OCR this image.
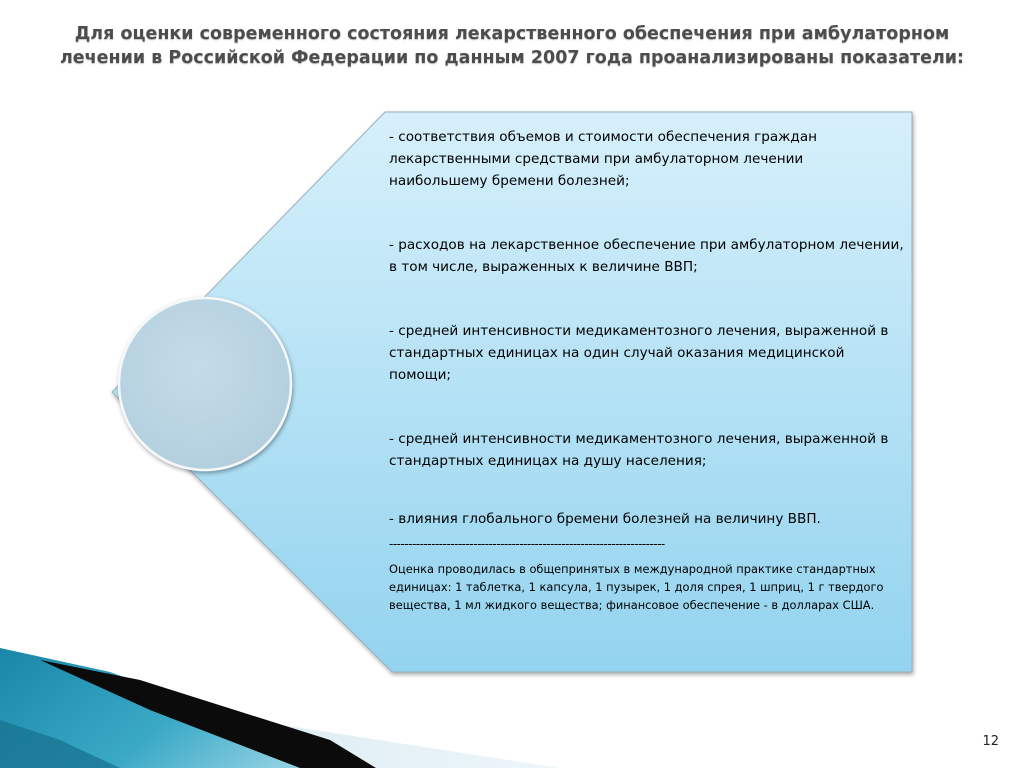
Для оценки современного состояния лекарственного обеспечения при амбулаторном лечении в Российской Федерации по данным 2007 года проанализированы показатели:

- соответствия объемов и стоимости обеспечения граждан лекарственными средствами при амбулаторном лечении наибольшему бремени болезней;

- расходов на лекарственное обеспечение при амбулаторном лечении, в том числе, выраженных к величине ВВП;

- средней интенсивности медикаментозного лечения, выраженной в стандартных единицах на один случай оказания медицинской помощи;

- средней интенсивности медикаментозного лечения, выраженной в стандартных единицах на душу населения;

- влияния глобального бремени болезней на величину ВВП.

------------------------------------------------------------------------

Оценка проводилась в общепринятых в международной практике стандартных единицах: 1 таблетка, 1 капсула, 1 пузырек, 1 доля спрея, 1 шприц, 1 г твердого вещества, 1 мл жидкого вещества; финансовое обеспечение - в долларах США.

12
